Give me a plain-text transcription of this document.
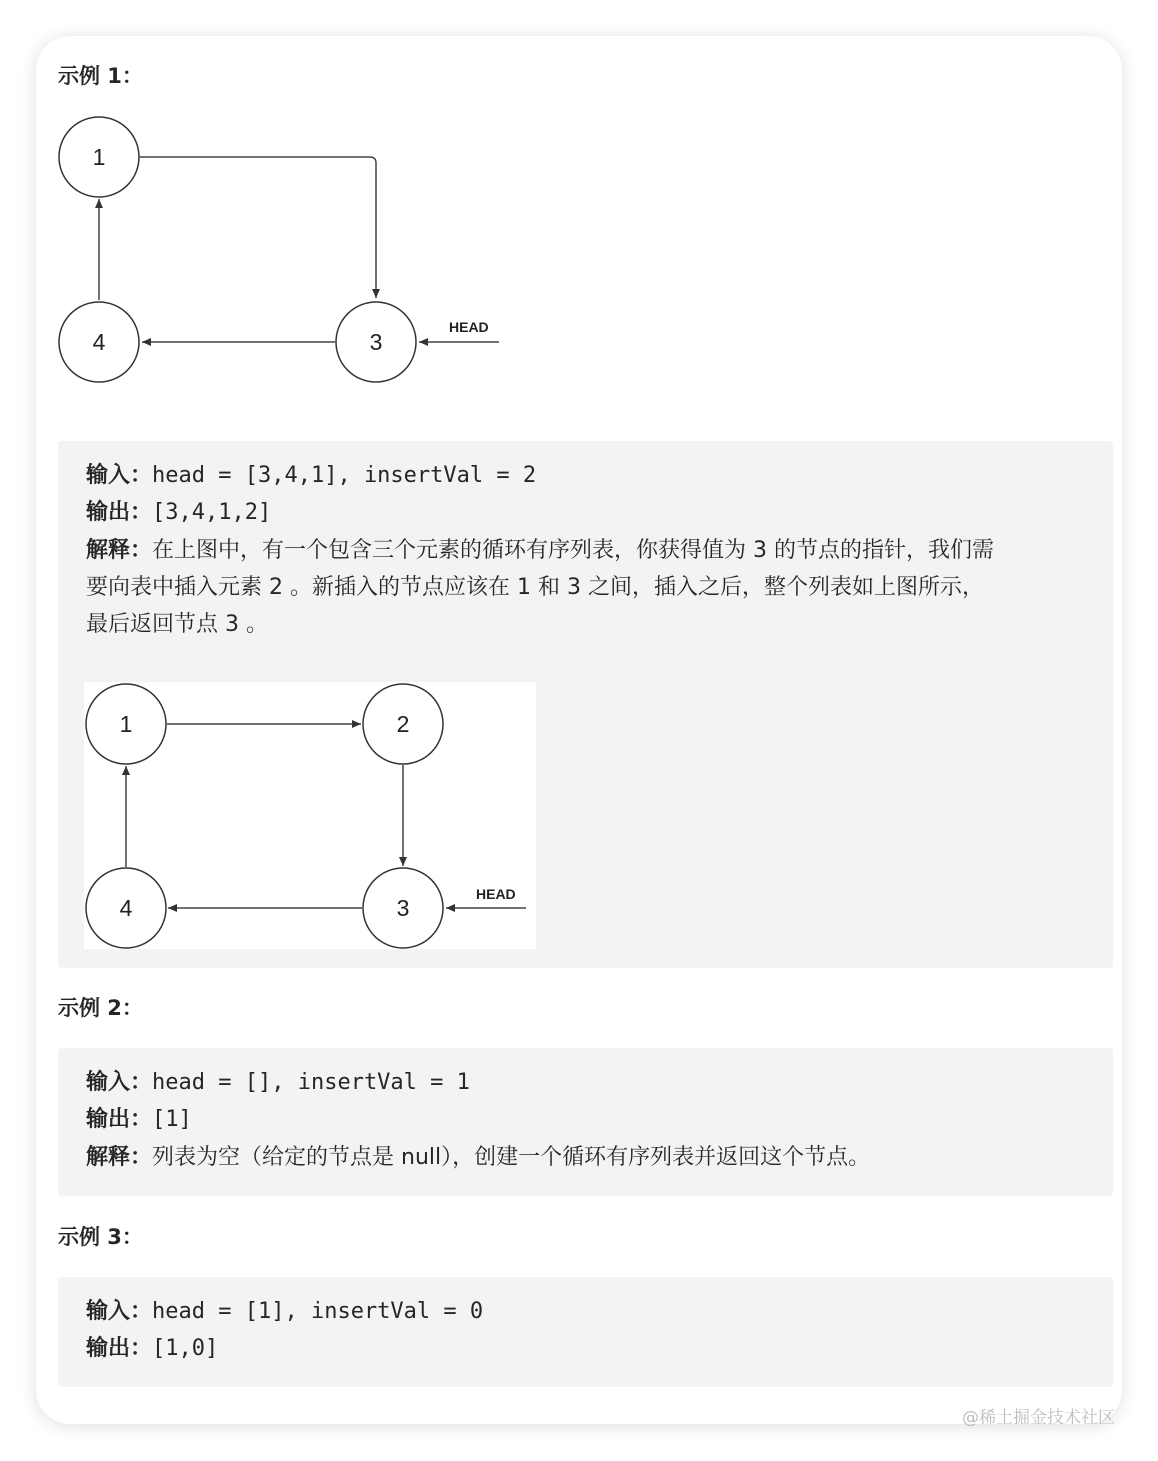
示例 1：
HEAD
1
3
4
输入：head = [3,4,1], insertVal = 2
输出：[3,4,1,2]
解释：在上图中，有一个包含三个元素的循环有序列表，你获得值为 3 的节点的指针，我们需
要向表中插入元素 2 。新插入的节点应该在 1 和 3 之间，插入之后，整个列表如上图所示，
最后返回节点 3 。
HEAD
1	2
3
4
示例 2：
输入：head = [], insertVal = 1
输出：[1]
解释：列表为空（给定的节点是 null），创建一个循环有序列表并返回这个节点。
示例 3：
输入：head = [1], insertVal = 0
输出：[1,0]
@稀土掘金技术社区
